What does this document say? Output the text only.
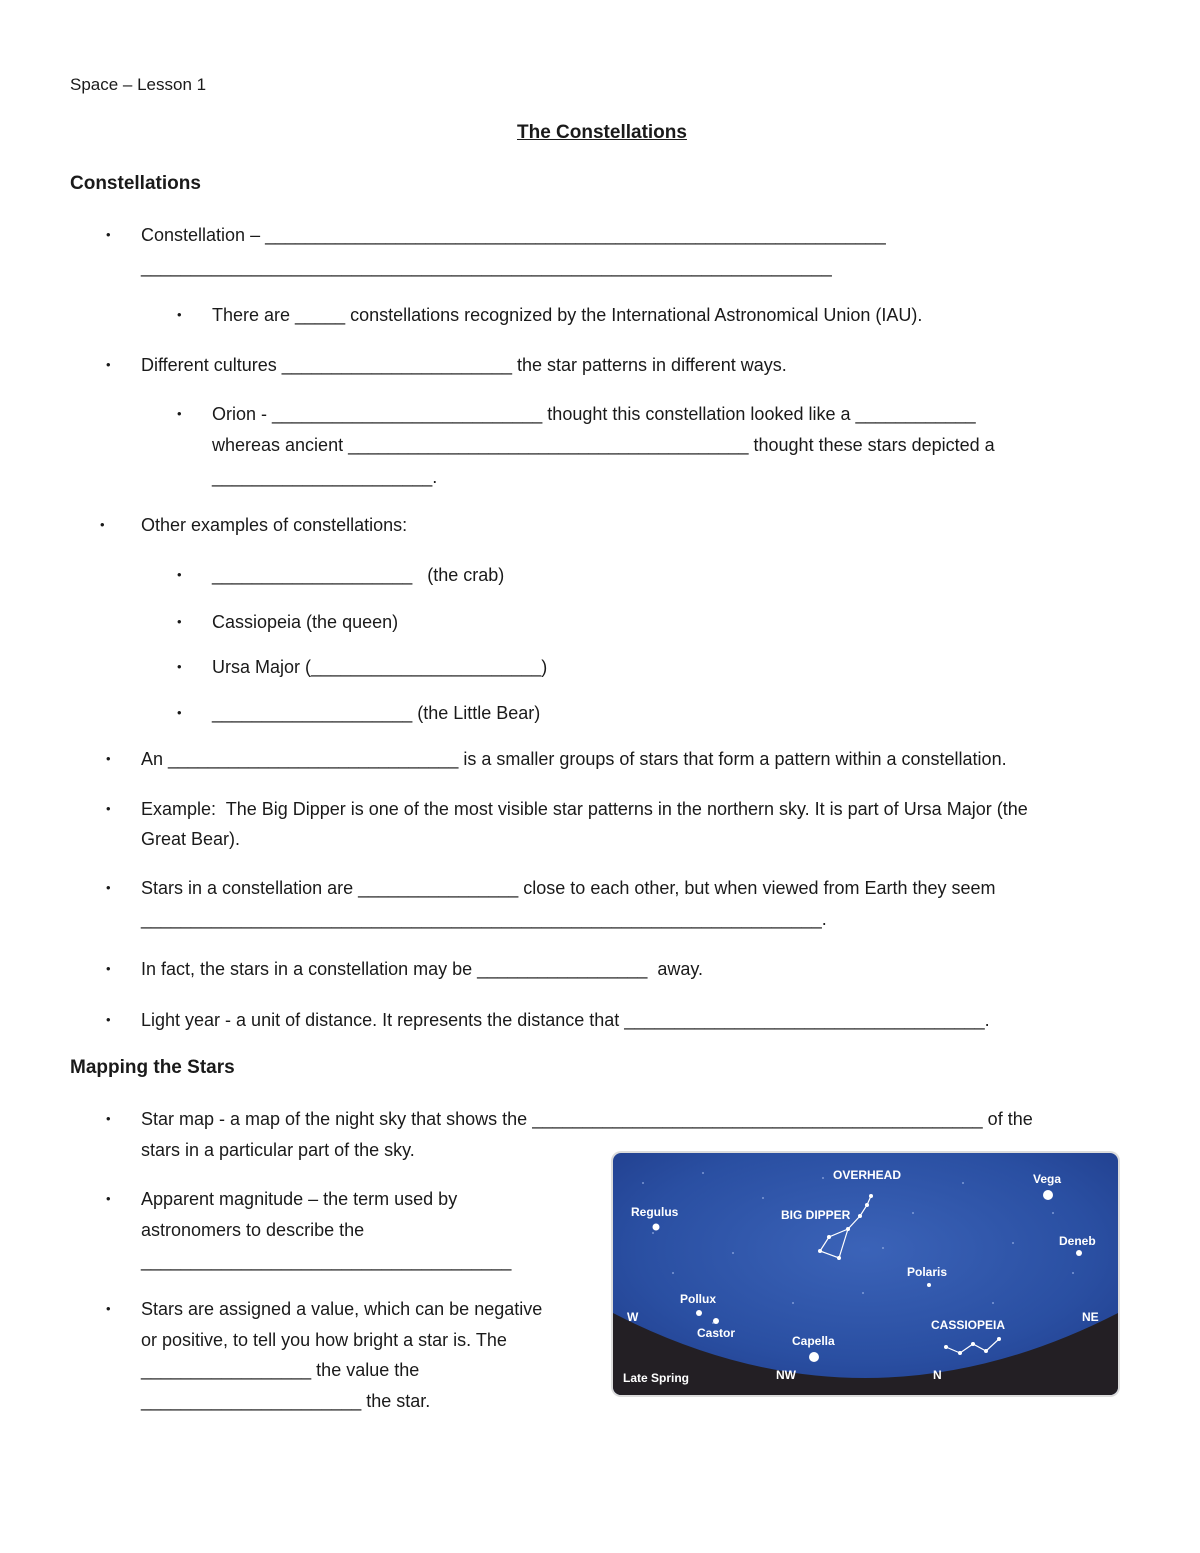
Space – Lesson 1
The Constellations
Constellations
• Constellation – ______________________________________________________________
_____________________________________________________________________
• There are _____ constellations recognized by the International Astronomical Union (IAU).
• Different cultures _______________________ the star patterns in different ways.
• Orion - ___________________________ thought this constellation looked like a ____________
whereas ancient ________________________________________ thought these stars depicted a
______________________.
• Other examples of constellations:
• ____________________   (the crab)
• Cassiopeia (the queen)
• Ursa Major (_______________________)
• ____________________ (the Little Bear)
• An _____________________________ is a smaller groups of stars that form a pattern within a constellation.
• Example:  The Big Dipper is one of the most visible star patterns in the northern sky. It is part of Ursa Major (the
Great Bear).
• Stars in a constellation are ________________ close to each other, but when viewed from Earth they seem
____________________________________________________________________.
• In fact, the stars in a constellation may be _________________  away.
• Light year - a unit of distance. It represents the distance that ____________________________________.
Mapping the Stars
• Star map - a map of the night sky that shows the _____________________________________________ of the
stars in a particular part of the sky.
• Apparent magnitude – the term used by
astronomers to describe the
_____________________________________
• Stars are assigned a value, which can be negative
or positive, to tell you how bright a star is. The
_________________ the value the
______________________ the star.
OVERHEAD	Vega
Regulus	BIG DIPPER
Deneb
Polaris
Pollux
Castor
Capella
CASSIOPEIA
W	NE
NW	N
Late Spring
